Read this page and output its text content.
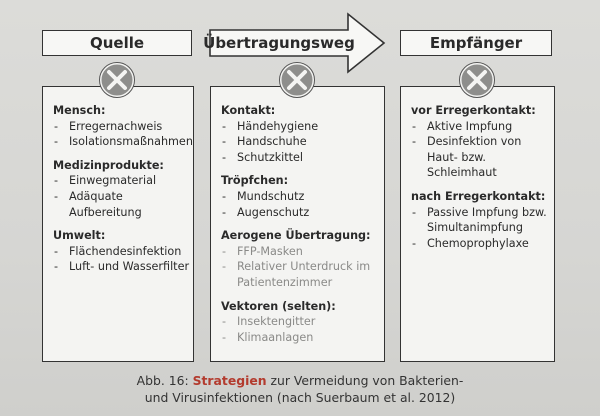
Quelle	Übertragungsweg	Empfänger
Mensch:
- Erregernachweis
- Isolationsmaßnahmen
Medizinprodukte:
- Einwegmaterial
- Adäquate Aufbereitung
Umwelt:
- Flächendesinfektion
- Luft- und Wasserfilter
Kontakt:
- Händehygiene
- Handschuhe
- Schutzkittel
Tröpfchen:
- Mundschutz
- Augenschutz
Aerogene Übertragung:
- FFP-Masken
- Relativer Unterdruck im Patientenzimmer
Vektoren (selten):
- Insektengitter
- Klimaanlagen
vor Erregerkontakt:
- Aktive Impfung
- Desinfektion von Haut- bzw. Schleimhaut
nach Erregerkontakt:
- Passive Impfung bzw. Simultanimpfung
- Chemoprophylaxe
Abb. 16: Strategien zur Vermeidung von Bakterien-
und Virusinfektionen (nach Suerbaum et al. 2012)
